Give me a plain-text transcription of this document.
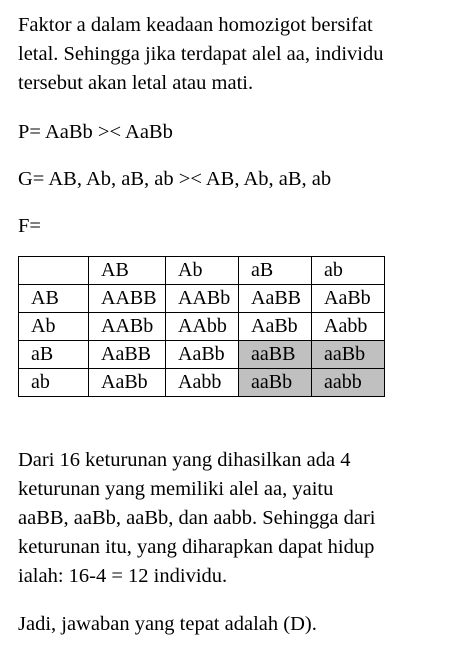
Faktor a dalam keadaan homozigot bersifat
letal. Sehingga jika terdapat alel aa, individu
tersebut akan letal atau mati.

P= AaBb >< AaBb

G= AB, Ab, aB, ab >< AB, Ab, aB, ab

F=

	AB	Ab	aB	ab
AB	AABB	AABb	AaBB	AaBb
Ab	AABb	AAbb	AaBb	Aabb
aB	AaBB	AaBb	aaBB	aaBb
ab	AaBb	Aabb	aaBb	aabb

Dari 16 keturunan yang dihasilkan ada 4
keturunan yang memiliki alel aa, yaitu
aaBB, aaBb, aaBb, dan aabb. Sehingga dari
keturunan itu, yang diharapkan dapat hidup
ialah: 16-4 = 12 individu.

Jadi, jawaban yang tepat adalah (D).
